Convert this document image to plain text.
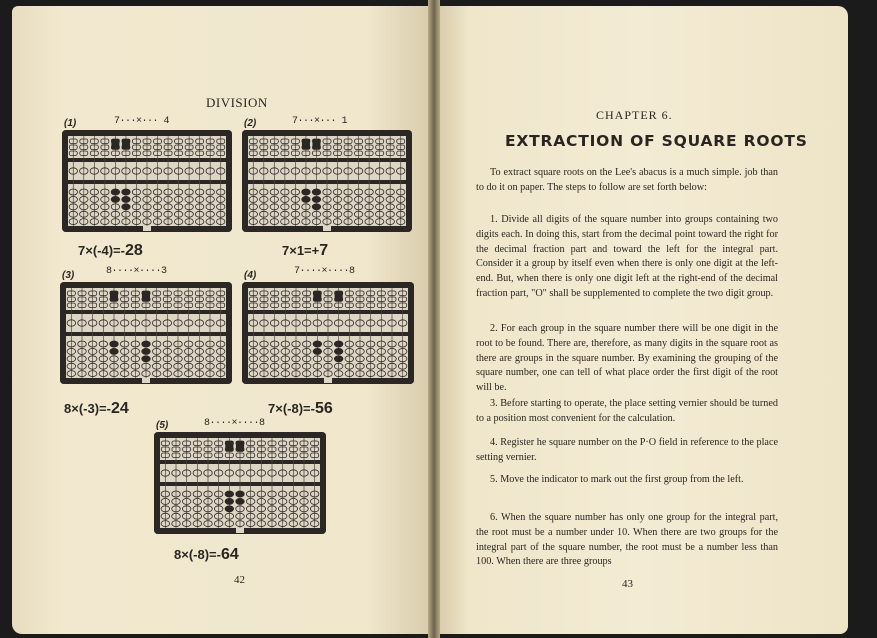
DIVISION
(1)	7···×··· 4
7×(-4)=-28
(2)	7···×··· 1
7×1=+7
(3)	8····×····3
8×(-3)=-24
(4)	7····×····8
7×(-8)=-56
(5)	8····×····8
8×(-8)=-64
42
CHAPTER 6.
EXTRACTION OF SQUARE ROOTS
To extract square roots on the Lee's abacus is a much simple. job than to do it on paper. The steps to follow are set forth below:
1. Divide all digits of the square number into groups containing two digits each. In doing this, start from the decimal point toward the right for the decimal fraction part and toward the left for the integral part. Consider it a group by itself even when there is only one digit at the left-end. But, when there is only one digit left at the right-end of the decimal fraction part, "O" shall be supplemented to complete the two digit group.
2. For each group in the square number there will be one digit in the root to be found. There are, therefore, as many digits in the square root as there are groups in the square number. By examining the grouping of the square number, one can tell of what place order the first digit of the root will be.
3. Before starting to operate, the place setting vernier should be turned to a position most convenient for the calculation.
4. Register he square number on the P·O field in reference to the place setting vernier.
5. Move the indicator to mark out the first group from the left.
6. When the square number has only one group for the integral part, the root must be a number under 10. When there are two groups for the integral part of the square number, the root must be a number less than 100. When there are three groups
43
